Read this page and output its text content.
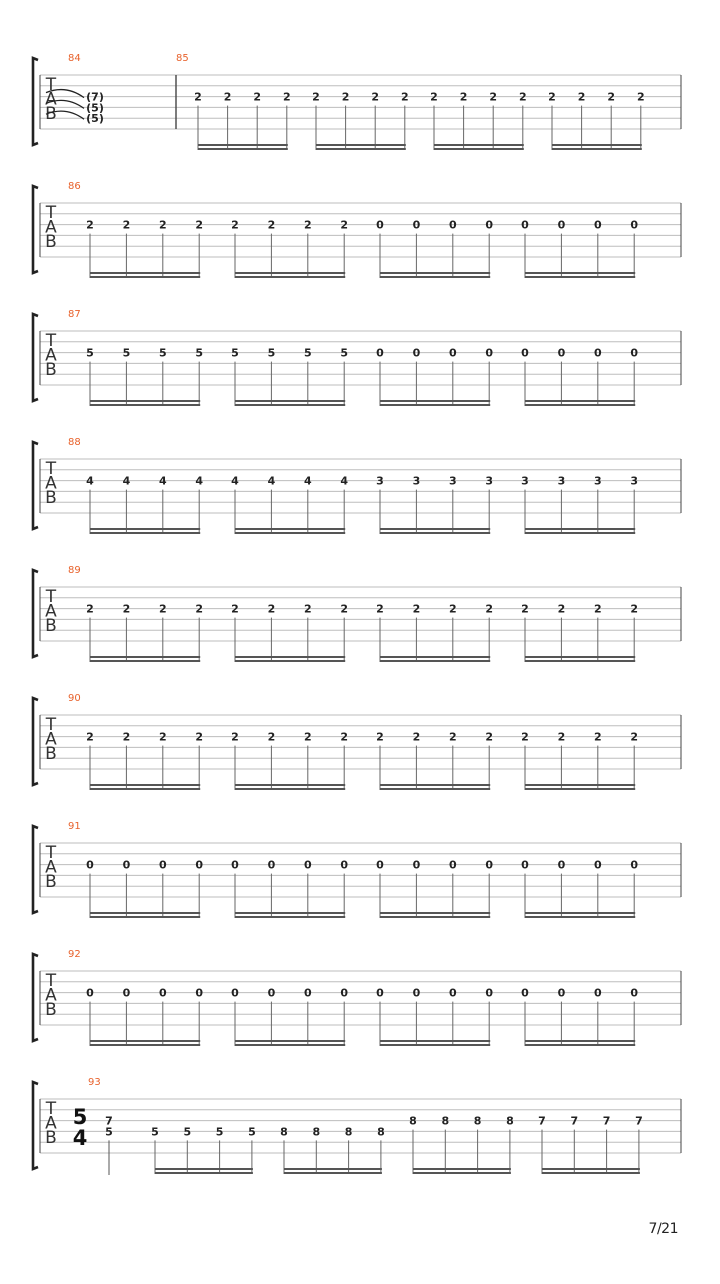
T
A
B
84
(7)
(5)
(5)
85
2 2 2 2 2 2 2 2 2 2 2 2 2 2 2 2
T
A
B
86
2	2	2	2	2	2	2	2	0	0	0	0	0	0	0	0
T
A
B
87
5	5	5	5	5	5	5	5	0	0	0	0	0	0	0	0
T
A
B
88
4	4	4	4	4	4	4	4	3	3	3	3	3	3	3	3
T
A
B
89
2	2	2	2	2	2	2	2	2	2	2	2	2	2	2	2
T
A
B
90
2	2	2	2	2	2	2	2	2	2	2	2	2	2	2	2
T
A
B
91
0	0	0	0	0	0	0	0	0	0	0	0	0	0	0	0
T
A
B
92
0	0	0	0	0	0	0	0	0	0	0	0	0	0	0	0
T
A
B
93
5
4
7
5	5 5 5 5 8 8 8 8
8 8 8 8 7 7 7 7
7/21
